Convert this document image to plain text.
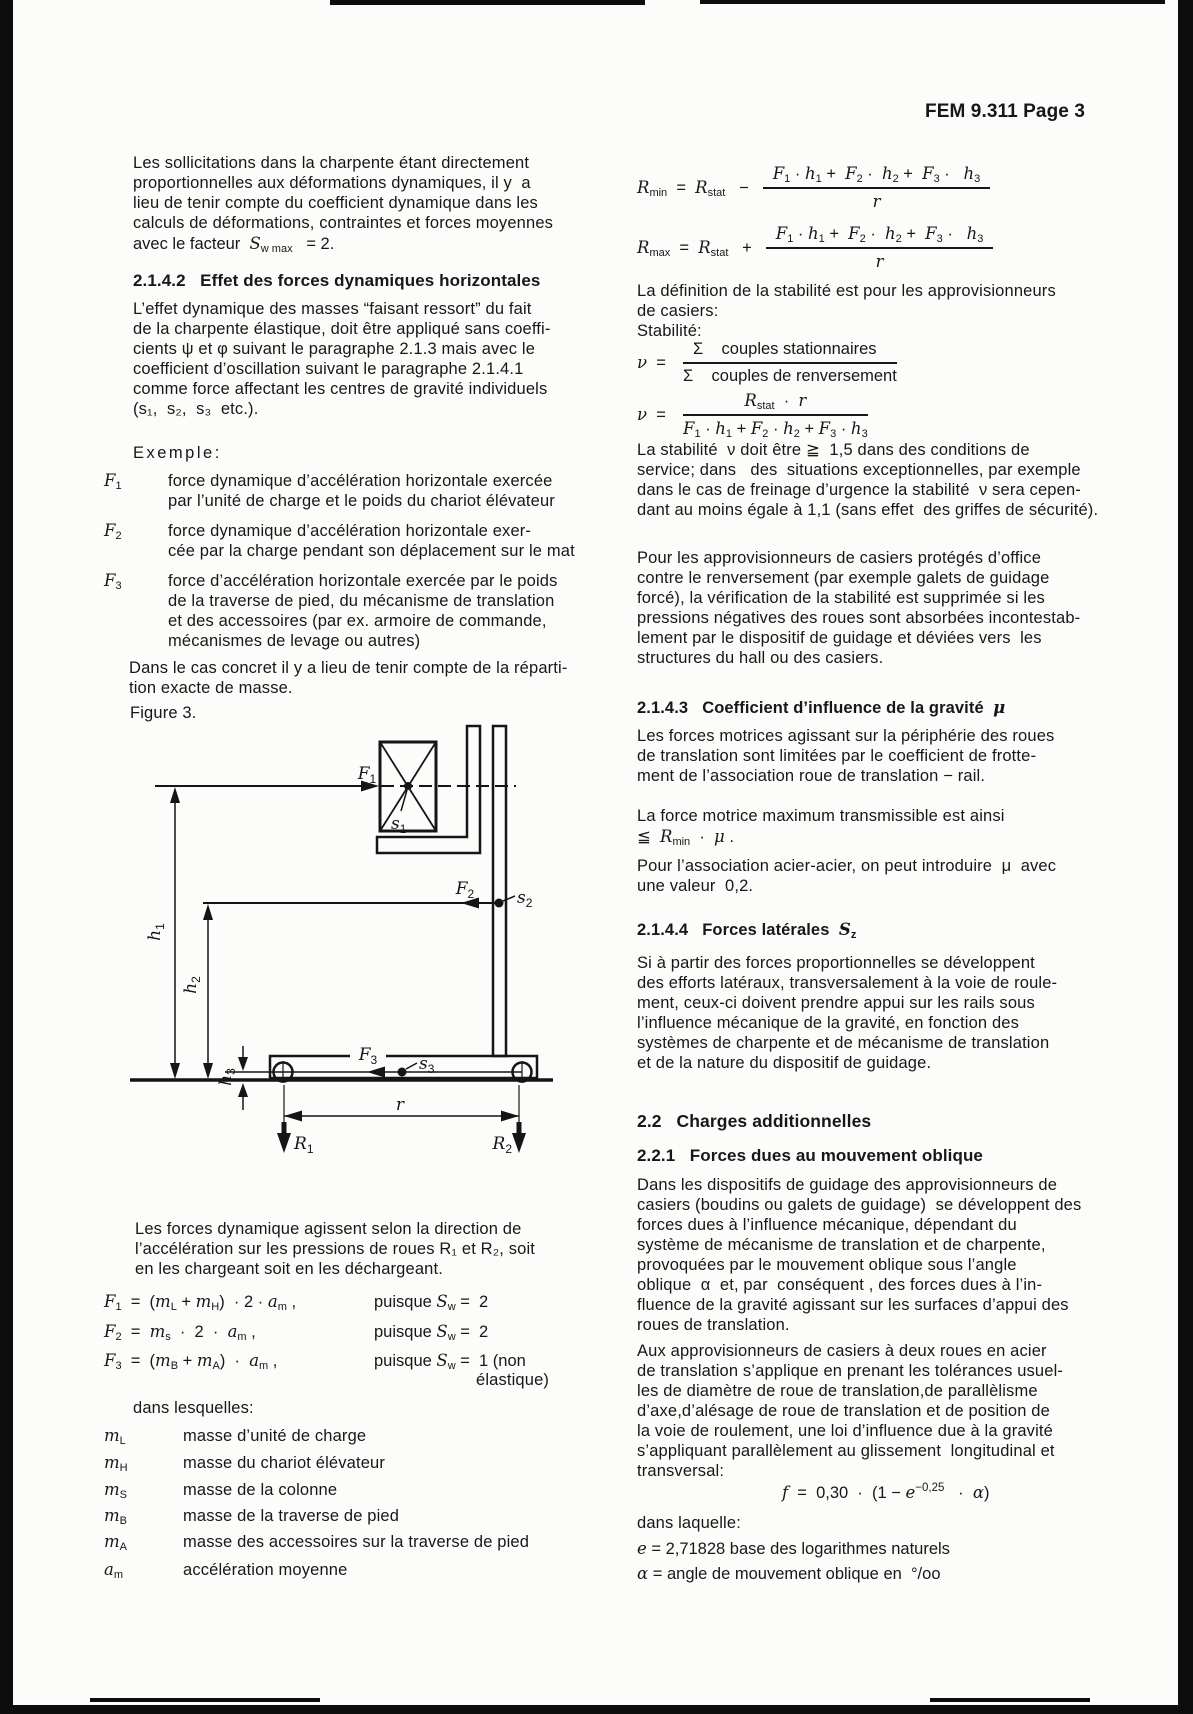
FEM 9.311 Page 3
Les sollicitations dans la charpente étant directement
proportionnelles aux déformations dynamiques, il y  a
lieu de tenir compte du coefficient dynamique dans les
calculs de déformations, contraintes et forces moyennes
avec le facteur  $S_{w max} = 2$.
2.1.4.2   Effet des forces dynamiques horizontales
L’effet dynamique des masses “faisant ressort” du fait
de la charpente élastique, doit être appliqué sans coeffi-
cients ψ et φ suivant le paragraphe 2.1.3 mais avec le
coefficient d’oscillation suivant le paragraphe 2.1.4.1
comme force affectant les centres de gravité individuels
(s₁,  s₂,  s₃  etc.).
Exemple:
$F_1$	force dynamique d’accélération horizontale exercée
par l’unité de charge et le poids du chariot élévateur
$F_2$	force dynamique d’accélération horizontale exer-
cée par la charge pendant son déplacement sur le mat
$F_3$	force d’accélération horizontale exercée par le poids
de la traverse de pied, du mécanisme de translation
et des accessoires (par ex. armoire de commande,
mécanismes de levage ou autres)
Dans le cas concret il y a lieu de tenir compte de la réparti-
tion exacte de masse.
Figure 3.
$F_1$
$s_1$
$F_2$	$s_2$
$F_3$ $s_3$
$h_1$
$h_2$
$h_3$
r
$R_1$	$R_2$
Les forces dynamique agissent selon la direction de
l’accélération sur les pressions de roues R₁ et R₂, soit
en les chargeant soit en les déchargeant.
$F_1 = (m_L + m_H) \cdot 2 \cdot a_m$ ,	puisque $S_w = 2$
$F_2 = m_s \cdot 2 \cdot a_m$ ,	puisque $S_w = 2$
$F_3 = (m_B + m_A) \cdot a_m$ ,	puisque $S_w = 1$ (non
élastique)
dans lesquelles:
$m_L$	masse d’unité de charge
$m_H$	masse du chariot élévateur
$m_S$	masse de la colonne
$m_B$	masse de la traverse de pied
$m_A$	masse des accessoires sur la traverse de pied
$a_m$	accélération moyenne
$R_{min} = R_{stat} - \frac{F_1 \cdot h_1 + F_2 \cdot h_2 + F_3 \cdot h_3}{r}$
$R_{max} = R_{stat} + \frac{F_1 \cdot h_1 + F_2 \cdot h_2 + F_3 \cdot h_3}{r}$
La définition de la stabilité est pour les approvisionneurs
de casiers:
Stabilité:
$\nu = \frac{\text{Σ    couples stationnaires}}{\text{Σ    couples de renversement}}$
$\nu = \frac{R_{stat} \cdot r}{F_1 \cdot h_1 + F_2 \cdot h_2 + F_3 \cdot h_3}$
La stabilité  ν doit être ≧  1,5 dans des conditions de
service; dans   des  situations exceptionnelles, par exemple
dans le cas de freinage d’urgence la stabilité  ν sera cepen-
dant au moins égale à 1,1 (sans effet  des griffes de sécurité).
Pour les approvisionneurs de casiers protégés d’office
contre le renversement (par exemple galets de guidage
forcé), la vérification de la stabilité est supprimée si les
pressions négatives des roues sont absorbées incontestab-
lement par le dispositif de guidage et déviées vers  les
structures du hall ou des casiers.
2.1.4.3   Coefficient d’influence de la gravité  μ
Les forces motrices agissant sur la périphérie des roues
de translation sont limitées par le coefficient de frotte-
ment de l’association roue de translation − rail.
La force motrice maximum transmissible est ainsi
≦  $R_{min} \cdot \mu$ .
Pour l’association acier-acier, on peut introduire  μ  avec
une valeur  0,2.
2.1.4.4   Forces latérales  $S_z$
Si à partir des forces proportionnelles se développent
des efforts latéraux, transversalement à la voie de roule-
ment, ceux-ci doivent prendre appui sur les rails sous
l’influence mécanique de la gravité, en fonction des
systèmes de charpente et de mécanisme de translation
et de la nature du dispositif de guidage.
2.2   Charges additionnelles
2.2.1   Forces dues au mouvement oblique
Dans les dispositifs de guidage des approvisionneurs de
casiers (boudins ou galets de guidage)  se développent des
forces dues à l’influence mécanique, dépendant du
système de mécanisme de translation et de charpente,
provoquées par le mouvement oblique sous l’angle
oblique  α  et, par  conséquent , des forces dues à l’in-
fluence de la gravité agissant sur les surfaces d’appui des
roues de translation.
Aux approvisionneurs de casiers à deux roues en acier
de translation s’applique en prenant les tolérances usuel-
les de diamètre de roue de translation,de parallèlisme
d’axe,d’alésage de roue de translation et de position de
la voie de roulement, une loi d’influence due à la gravité
s’appliquant parallèlement au glissement  longitudinal et
transversal:
$f = 0,30 \cdot (1 - e^{-0,25} \cdot \alpha)$
dans laquelle:
e = 2,71828 base des logarithmes naturels
α = angle de mouvement oblique en  °/oo
